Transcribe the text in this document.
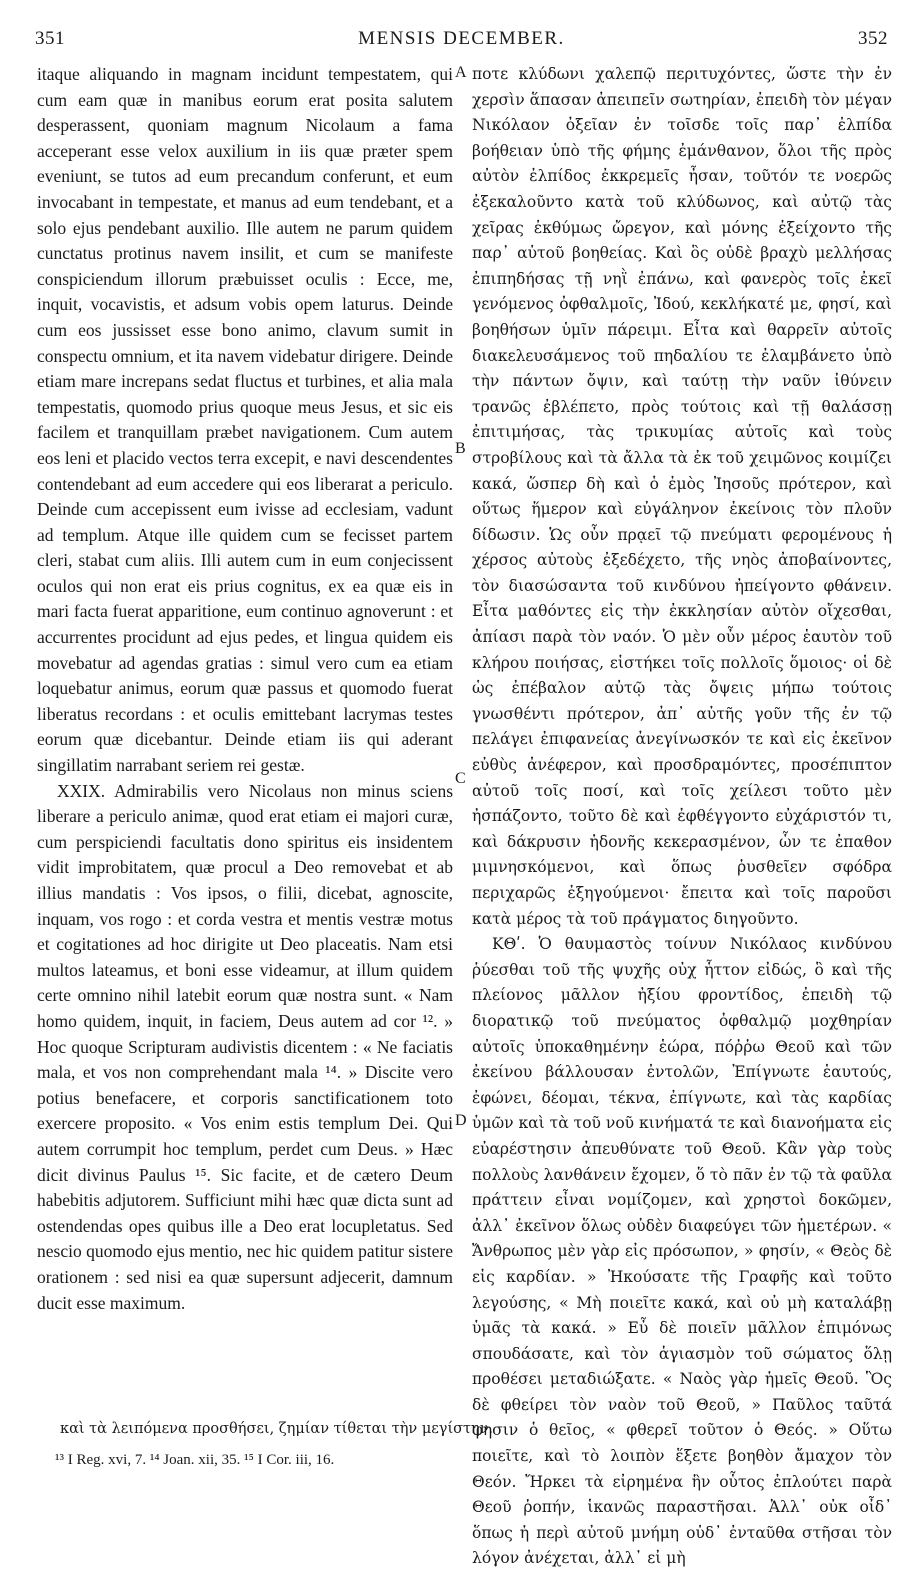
351	MENSIS DECEMBER.	352

itaque aliquando in magnam incidunt tempestatem, qui cum eam quæ in manibus eorum erat posita salutem desperassent, quoniam magnum Nicolaum a fama acceperant esse velox auxilium in iis quæ præter spem eveniunt, se tutos ad eum precandum conferunt, et eum invocabant in tempestate, et manus ad eum tendebant, et a solo ejus pendebant auxilio. Ille autem ne parum quidem cunctatus protinus navem insilit, et cum se manifeste conspiciendum illorum præbuisset oculis : Ecce, me, inquit, vocavistis, et adsum vobis opem laturus. Deinde cum eos jussisset esse bono animo, clavum sumit in conspectu omnium, et ita navem videbatur dirigere. Deinde etiam mare increpans sedat fluctus et turbines, et alia mala tempestatis, quomodo prius quoque meus Jesus, et sic eis facilem et tranquillam præbet navigationem. Cum autem eos leni et placido vectos terra excepit, e navi descendentes contendebant ad eum accedere qui eos liberarat a periculo. Deinde cum accepissent eum ivisse ad ecclesiam, vadunt ad templum. Atque ille quidem cum se fecisset partem cleri, stabat cum aliis. Illi autem cum in eum conjecissent oculos qui non erat eis prius cognitus, ex ea quæ eis in mari facta fuerat apparitione, eum continuo agnoverunt : et accurrentes procidunt ad ejus pedes, et lingua quidem eis movebatur ad agendas gratias : simul vero cum ea etiam loquebatur animus, eorum quæ passus et quomodo fuerat liberatus recordans : et oculis emittebant lacrymas testes eorum quæ dicebantur. Deinde etiam iis qui aderant singillatim narrabant seriem rei gestæ.

XXIX. Admirabilis vero Nicolaus non minus sciens liberare a periculo animæ, quod erat etiam ei majori curæ, cum perspiciendi facultatis dono spiritus eis insidentem vidit improbitatem, quæ procul a Deo removebat et ab illius mandatis : Vos ipsos, o filii, dicebat, agnoscite, inquam, vos rogo : et corda vestra et mentis vestræ motus et cogitationes ad hoc dirigite ut Deo placeatis. Nam etsi multos lateamus, et boni esse videamur, at illum quidem certe omnino nihil latebit eorum quæ nostra sunt. « Nam homo quidem, inquit, in faciem, Deus autem ad cor ¹². » Hoc quoque Scripturam audivistis dicentem : « Ne faciatis mala, et vos non comprehendant mala ¹⁴. » Discite vero potius benefacere, et corporis sanctificationem toto exercere proposito. « Vos enim estis templum Dei. Qui autem corrumpit hoc templum, perdet cum Deus. » Hæc dicit divinus Paulus ¹⁵. Sic facite, et de cætero Deum habebitis adjutorem. Sufficiunt mihi hæc quæ dicta sunt ad ostendendas opes quibus ille a Deo erat locupletatus. Sed nescio quomodo ejus mentio, nec hic quidem patitur sistere orationem : sed nisi ea quæ supersunt adjecerit, damnum ducit esse maximum.

A
B
C
D

ποτε κλύδωνι χαλεπῷ περιτυχόντες, ὥστε τὴν ἐν χερσὶν ἅπασαν ἀπειπεῖν σωτηρίαν, ἐπειδὴ τὸν μέγαν Νικόλαον ὀξεῖαν ἐν τοῖσδε τοῖς παρ᾽ ἐλπίδα βοήθειαν ὑπὸ τῆς φήμης ἐμάνθανον, ὅλοι τῆς πρὸς αὐτὸν ἐλπίδος ἐκκρεμεῖς ἦσαν, τοῦτόν τε νοερῶς ἐξεκαλοῦντο κατὰ τοῦ κλύδωνος, καὶ αὐτῷ τὰς χεῖρας ἐκθύμως ὤρεγον, καὶ μόνης ἐξείχοντο τῆς παρ᾽ αὐτοῦ βοηθείας. Καὶ ὃς οὐδὲ βραχὺ μελλήσας ἐπιπηδήσας τῇ νηῒ ἐπάνω, καὶ φανερὸς τοῖς ἐκεῖ γενόμενος ὀφθαλμοῖς, Ἰδού, κεκλήκατέ με, φησί, καὶ βοηθήσων ὑμῖν πάρειμι. Εἶτα καὶ θαρρεῖν αὐτοῖς διακελευσάμενος τοῦ πηδαλίου τε ἐλαμβάνετο ὑπὸ τὴν πάντων ὄψιν, καὶ ταύτῃ τὴν ναῦν ἰθύνειν τρανῶς ἐβλέπετο, πρὸς τούτοις καὶ τῇ θαλάσσῃ ἐπιτιμήσας, τὰς τρικυμίας αὐτοῖς καὶ τοὺς στροβίλους καὶ τὰ ἄλλα τὰ ἐκ τοῦ χειμῶνος κοιμίζει κακά, ὥσπερ δὴ καὶ ὁ ἐμὸς Ἰησοῦς πρότερον, καὶ οὕτως ἥμερον καὶ εὐγάληνον ἐκείνοις τὸν πλοῦν δίδωσιν. Ὡς οὖν πρᾳεῖ τῷ πνεύματι φερομένους ἡ χέρσος αὐτοὺς ἐξεδέχετο, τῆς νηὸς ἀποβαίνοντες, τὸν διασώσαντα τοῦ κινδύνου ἠπείγοντο φθάνειν. Εἶτα μαθόντες εἰς τὴν ἐκκλησίαν αὐτὸν οἴχεσθαι, ἀπίασι παρὰ τὸν ναόν. Ὁ μὲν οὖν μέρος ἑαυτὸν τοῦ κλήρου ποιήσας, εἱστήκει τοῖς πολλοῖς ὅμοιος· οἱ δὲ ὡς ἐπέβαλον αὐτῷ τὰς ὄψεις μήπω τούτοις γνωσθέντι πρότερον, ἀπ᾽ αὐτῆς γοῦν τῆς ἐν τῷ πελάγει ἐπιφανείας ἀνεγίνωσκόν τε καὶ εἰς ἐκεῖνον εὐθὺς ἀνέφερον, καὶ προσδραμόντες, προσέπιπτον αὐτοῦ τοῖς ποσί, καὶ τοῖς χείλεσι τοῦτο μὲν ἠσπάζοντο, τοῦτο δὲ καὶ ἐφθέγγοντο εὐχάριστόν τι, καὶ δάκρυσιν ἡδονῆς κεκερασμένον, ὧν τε ἐπαθον μιμνησκόμενοι, καὶ ὅπως ῥυσθεῖεν σφόδρα περιχαρῶς ἐξηγούμενοι· ἔπειτα καὶ τοῖς παροῦσι κατὰ μέρος τὰ τοῦ πράγματος διηγοῦντο.

ΚΘʹ. Ὁ θαυμαστὸς τοίνυν Νικόλαος κινδύνου ῥύεσθαι τοῦ τῆς ψυχῆς οὐχ ἧττον εἰδώς, ὃ καὶ τῆς πλείονος μᾶλλον ἠξίου φροντίδος, ἐπειδὴ τῷ διορατικῷ τοῦ πνεύματος ὀφθαλμῷ μοχθηρίαν αὐτοῖς ὑποκαθημένην ἑώρα, πόῤῥω Θεοῦ καὶ τῶν ἐκείνου βάλλουσαν ἐντολῶν, Ἐπίγνωτε ἑαυτούς, ἐφώνει, δέομαι, τέκνα, ἐπίγνωτε, καὶ τὰς καρδίας ὑμῶν καὶ τὰ τοῦ νοῦ κινήματά τε καὶ διανοήματα εἰς εὐαρέστησιν ἀπευθύνατε τοῦ Θεοῦ. Κἂν γὰρ τοὺς πολλοὺς λανθάνειν ἔχομεν, ὅ τὸ πᾶν ἐν τῷ τὰ φαῦλα πράττειν εἶναι νομίζομεν, καὶ χρηστοὶ δοκῶμεν, ἀλλ᾽ ἐκεῖνον ὅλως οὐδὲν διαφεύγει τῶν ἡμετέρων. « Ἄνθρωπος μὲν γὰρ εἰς πρόσωπον, » φησίν, « Θεὸς δὲ εἰς καρδίαν. » Ἠκούσατε τῆς Γραφῆς καὶ τοῦτο λεγούσης, « Μὴ ποιεῖτε κακά, καὶ οὐ μὴ καταλάβῃ ὑμᾶς τὰ κακά. » Εὖ δὲ ποιεῖν μᾶλλον ἐπιμόνως σπουδάσατε, καὶ τὸν ἁγιασμὸν τοῦ σώματος ὅλῃ προθέσει μεταδιώξατε. « Ναὸς γὰρ ἡμεῖς Θεοῦ. Ὃς δὲ φθείρει τὸν ναὸν τοῦ Θεοῦ, » Παῦλος ταῦτά φησιν ὁ θεῖος, « φθερεῖ τοῦτον ὁ Θεός. » Οὕτω ποιεῖτε, καὶ τὸ λοιπὸν ἕξετε βοηθὸν ἄμαχον τὸν Θεόν. Ἤρκει τὰ εἰρημένα ἣν οὗτος ἐπλούτει παρὰ Θεοῦ ῥοπήν, ἱκανῶς παραστῆσαι. Ἀλλ᾽ οὐκ οἶδ᾽ ὅπως ἡ περὶ αὐτοῦ μνήμη οὐδ᾽ ἐνταῦθα στῆσαι τὸν λόγον ἀνέχεται, ἀλλ᾽ εἰ μὴ

καὶ τὰ λειπόμενα προσθήσει, ζημίαν τίθεται τὴν μεγίστην.
¹³ I Reg. xvi, 7. ¹⁴ Joan. xii, 35. ¹⁵ I Cor. iii, 16.
